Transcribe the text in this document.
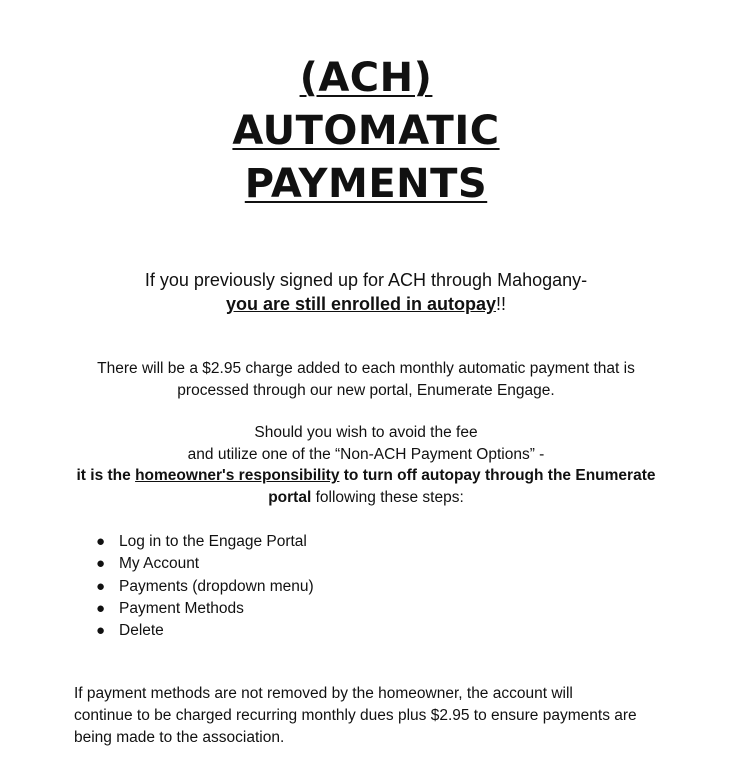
(ACH)
AUTOMATIC
PAYMENTS
If you previously signed up for ACH through Mahogany-
you are still enrolled in autopay!!
There will be a $2.95 charge added to each monthly automatic payment that is
processed through our new portal, Enumerate Engage.
Should you wish to avoid the fee
and utilize one of the “Non-ACH Payment Options” -
it is the homeowner's responsibility to turn off autopay through the Enumerate
portal following these steps:
● Log in to the Engage Portal
● My Account
● Payments (dropdown menu)
● Payment Methods
● Delete
If payment methods are not removed by the homeowner, the account will
continue to be charged recurring monthly dues plus $2.95 to ensure payments are
being made to the association.
